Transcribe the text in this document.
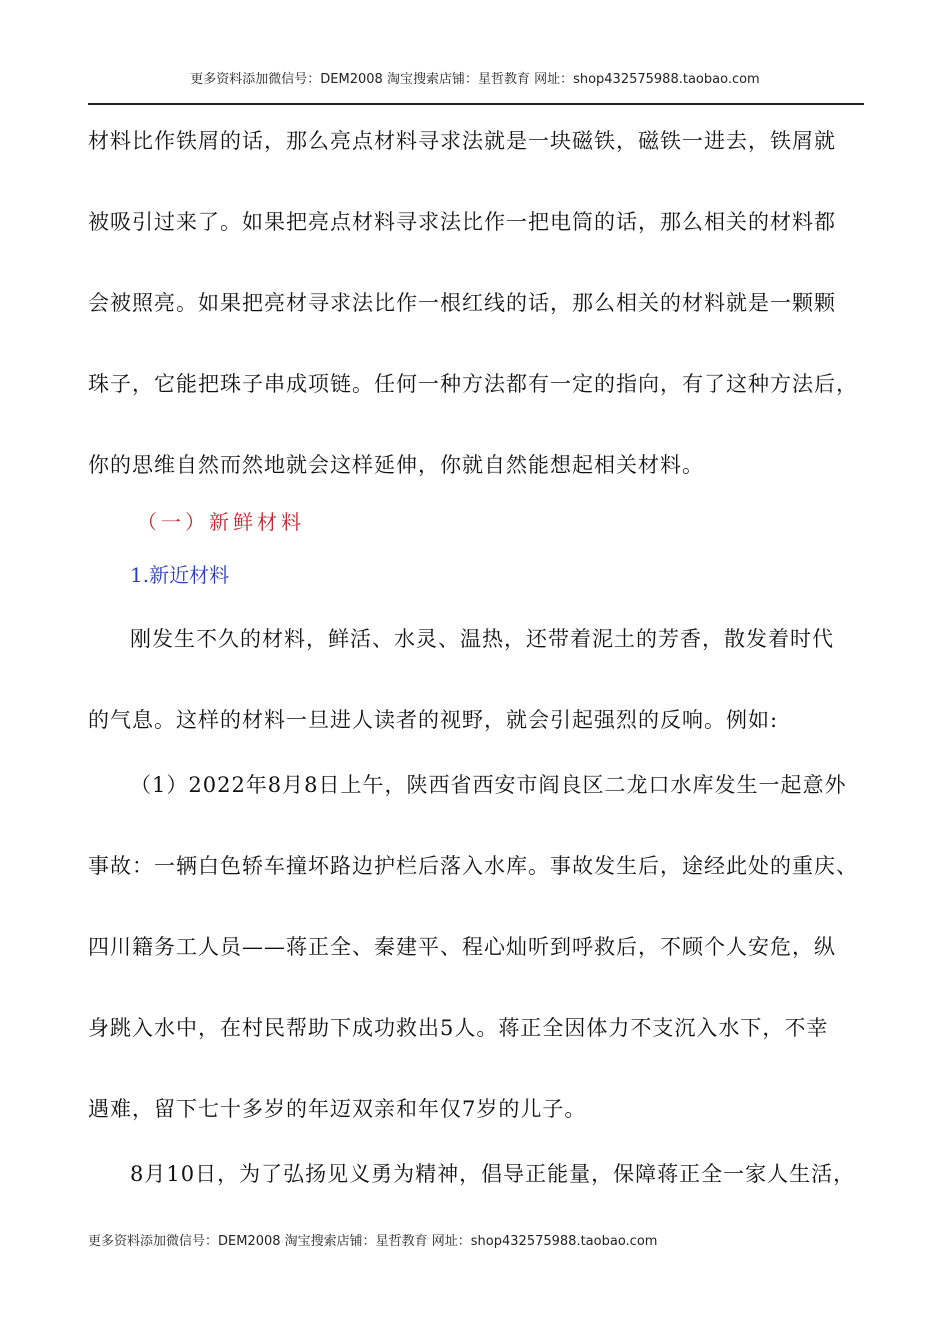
更多资料添加微信号：DEM2008 淘宝搜索店铺：星哲教育 网址：shop432575988.taobao.com
材料比作铁屑的话，那么亮点材料寻求法就是一块磁铁，磁铁一进去，铁屑就
被吸引过来了。如果把亮点材料寻求法比作一把电筒的话，那么相关的材料都
会被照亮。如果把亮材寻求法比作一根红线的话，那么相关的材料就是一颗颗
珠子，它能把珠子串成项链。任何一种方法都有一定的指向，有了这种方法后，
你的思维自然而然地就会这样延伸，你就自然能想起相关材料。
（一）新鲜材料
1.新近材料
刚发生不久的材料，鲜活、水灵、温热，还带着泥土的芳香，散发着时代
的气息。这样的材料一旦进人读者的视野，就会引起强烈的反响。例如:
（1）2022年8月8日上午，陕西省西安市阎良区二龙口水库发生一起意外
事故：一辆白色轿车撞坏路边护栏后落入水库。事故发生后，途经此处的重庆、
四川籍务工人员——蒋正全、秦建平、程心灿听到呼救后，不顾个人安危，纵
身跳入水中，在村民帮助下成功救出5人。蒋正全因体力不支沉入水下，不幸
遇难，留下七十多岁的年迈双亲和年仅7岁的儿子。
8月10日，为了弘扬见义勇为精神，倡导正能量，保障蒋正全一家人生活，
更多资料添加微信号：DEM2008 淘宝搜索店铺：星哲教育 网址：shop432575988.taobao.com
